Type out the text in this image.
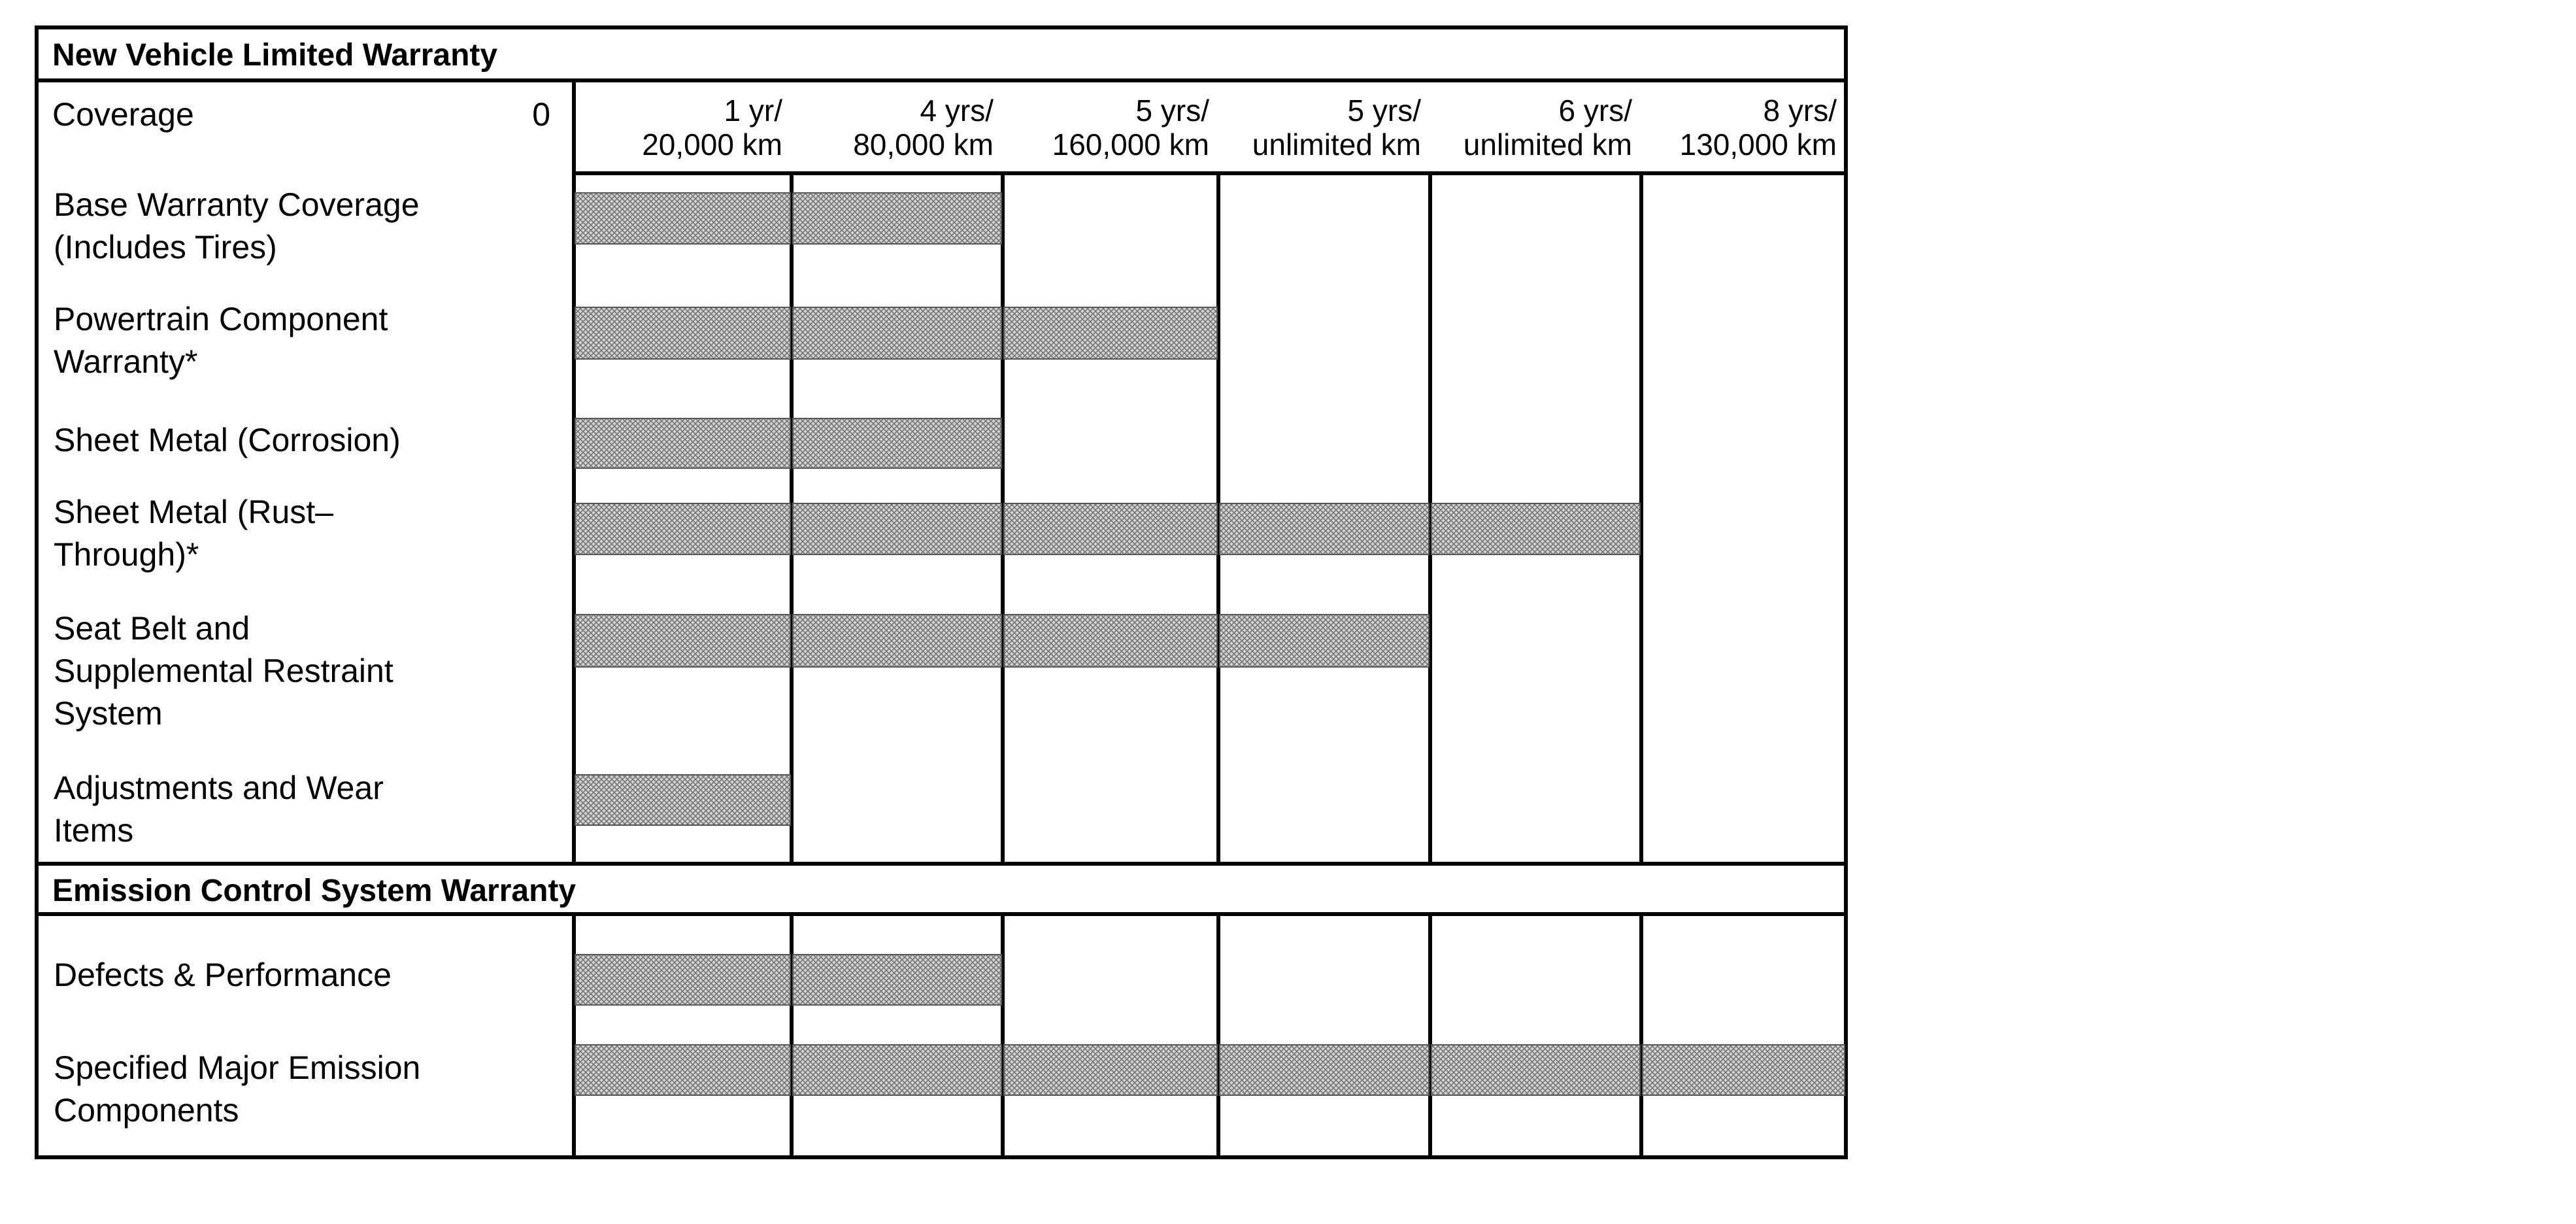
New Vehicle Limited Warranty
Coverage	0
Emission Control System Warranty
1 yr/
20,000 km
4 yrs/
80,000 km
5 yrs/
160,000 km
5 yrs/
unlimited km
6 yrs/
unlimited km
8 yrs/
130,000 km
Base Warranty Coverage
(Includes Tires)
Powertrain Component
Warranty*
Sheet Metal (Corrosion)
Sheet Metal (Rust–
Through)*
Seat Belt and
Supplemental Restraint
System
Adjustments and Wear
Items
Defects & Performance
Specified Major Emission
Components
